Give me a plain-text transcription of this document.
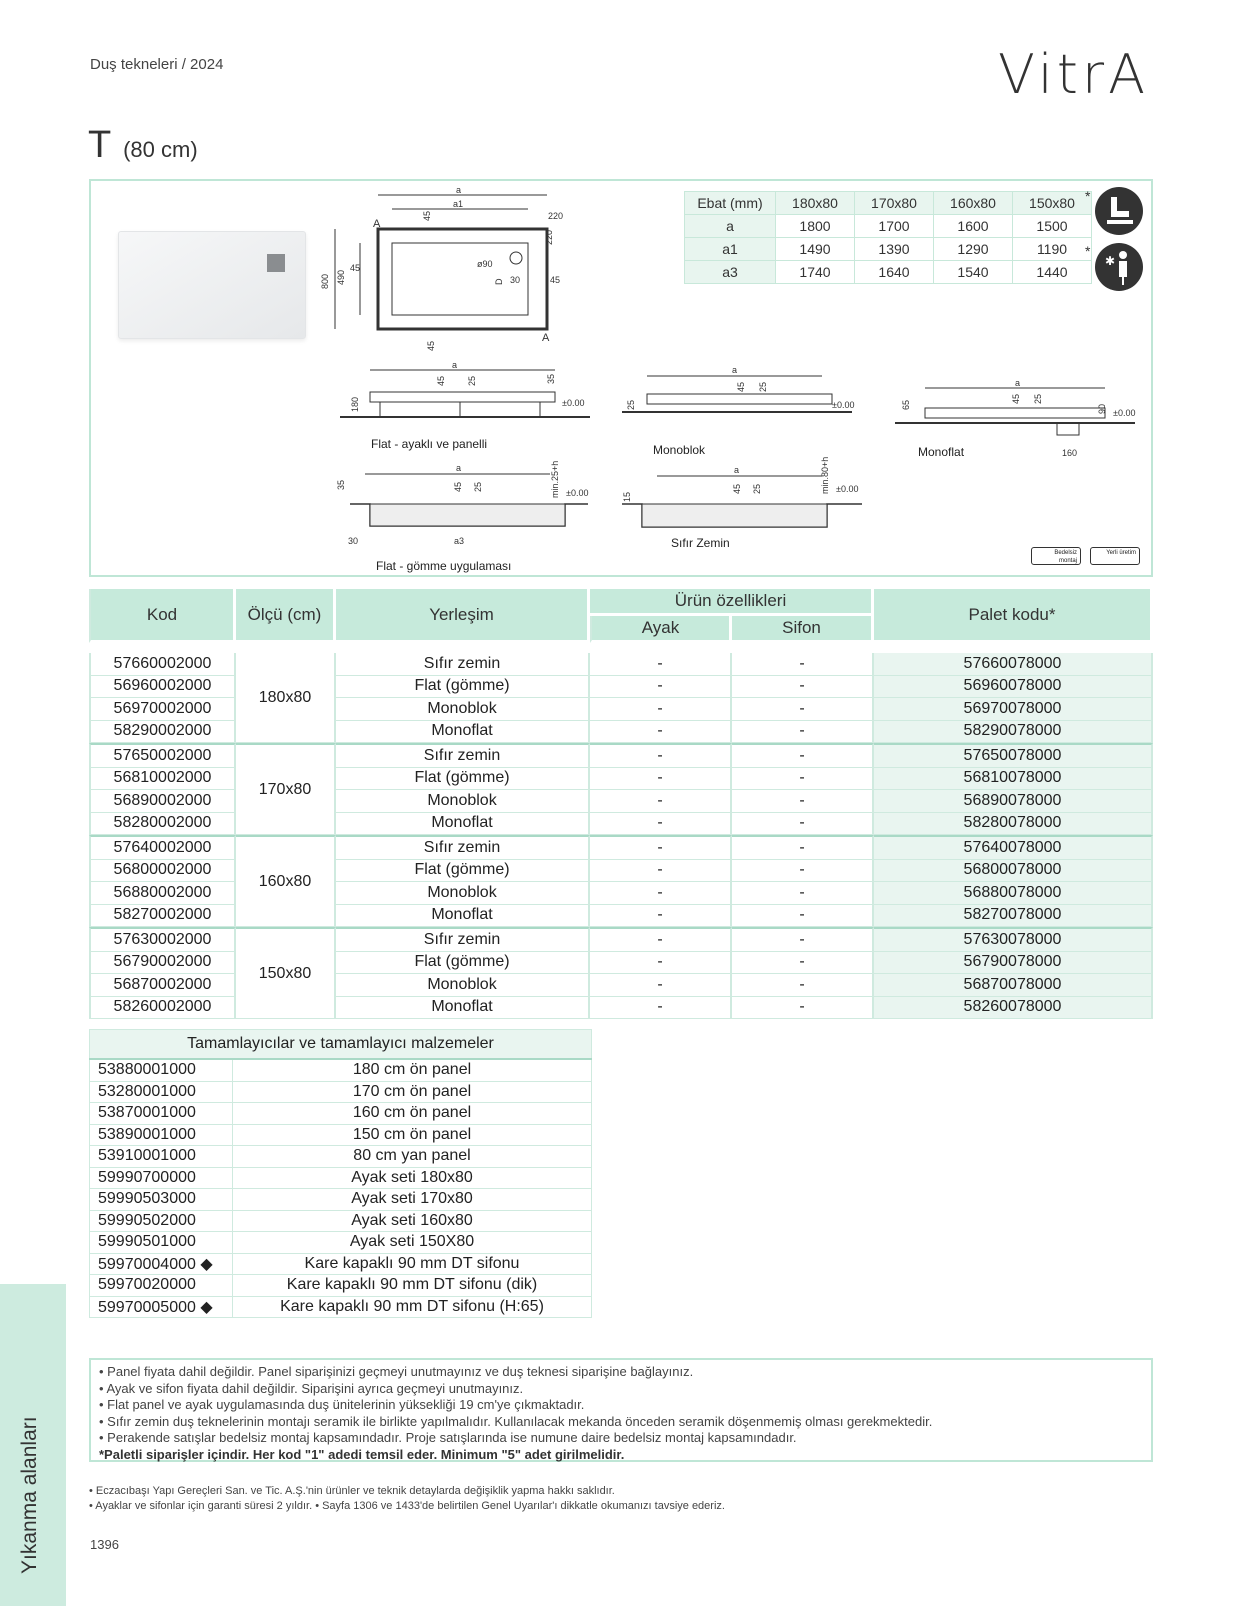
Duş tekneleri / 2024	VitrA
T (80 cm)
a
a1
220
45
220
800 490
45	ø90
30
D	45
45
A
A
Ebat (mm)	180x80	170x80	160x80	150x80
a	1800	1700	1600	1500
a1	1490	1390	1290	1190
a3	1740	1640	1540	1440
*
*
✱
a
45 25	35
180	±0.00
Flat - ayaklı ve panelli
a
45 25
25	±0.00
Monoblok
a
45 25
65	90
160
±0.00
Monoflat
a
45 25
35	min.25+h ±0.00
a3
30
Flat - gömme uygulaması
a
45 25
15
min.80+h ±0.00
Sıfır Zemin
Bedelsiz montaj
Yerli üretim
Kod	Ölçü (cm)	Yerleşim	Ürün özellikleri		Palet kodu*
			Ayak	Sifon	

57660002000	180x80	Sıfır zemin	-	-	57660078000
56960002000		Flat (gömme)	-	-	56960078000
56970002000		Monoblok	-	-	56970078000
58290002000		Monoflat	-	-	58290078000
57650002000	170x80	Sıfır zemin	-	-	57650078000
56810002000		Flat (gömme)	-	-	56810078000
56890002000		Monoblok	-	-	56890078000
58280002000		Monoflat	-	-	58280078000
57640002000	160x80	Sıfır zemin	-	-	57640078000
56800002000		Flat (gömme)	-	-	56800078000
56880002000		Monoblok	-	-	56880078000
58270002000		Monoflat	-	-	58270078000
57630002000	150x80	Sıfır zemin	-	-	57630078000
56790002000		Flat (gömme)	-	-	56790078000
56870002000		Monoblok	-	-	56870078000
58260002000		Monoflat	-	-	58260078000
Tamamlayıcılar ve tamamlayıcı malzemeler	
53880001000	180 cm ön panel
53280001000	170 cm ön panel
53870001000	160 cm ön panel
53890001000	150 cm ön panel
53910001000	80 cm yan panel
59990700000	Ayak seti 180x80
59990503000	Ayak seti 170x80
59990502000	Ayak seti 160x80
59990501000	Ayak seti 150X80
59970004000 ◆	Kare kapaklı 90 mm DT sifonu
59970020000	Kare kapaklı 90 mm DT sifonu (dik)
59970005000 ◆	Kare kapaklı 90 mm DT sifonu (H:65)
• Panel fiyata dahil değildir. Panel siparişinizi geçmeyi unutmayınız ve duş teknesi siparişine bağlayınız.
• Ayak ve sifon fiyata dahil değildir. Siparişini ayrıca geçmeyi unutmayınız.
• Flat panel ve ayak uygulamasında duş ünitelerinin yüksekliği 19 cm'ye çıkmaktadır.
• Sıfır zemin duş teknelerinin montajı seramik ile birlikte yapılmalıdır. Kullanılacak mekanda önceden seramik döşenmemiş olması gerekmektedir.
• Perakende satışlar bedelsiz montaj kapsamındadır. Proje satışlarında ise numune daire bedelsiz montaj kapsamındadır.
*Paletli siparişler içindir. Her kod "1" adedi temsil eder. Minimum "5" adet girilmelidir.
• Eczacıbaşı Yapı Gereçleri San. ve Tic. A.Ş.'nin ürünler ve teknik detaylarda değişiklik yapma hakkı saklıdır.
• Ayaklar ve sifonlar için garanti süresi 2 yıldır. • Sayfa 1306 ve 1433'de belirtilen Genel Uyarılar'ı dikkatle okumanızı tavsiye ederiz.
1396
Yıkanma alanları
